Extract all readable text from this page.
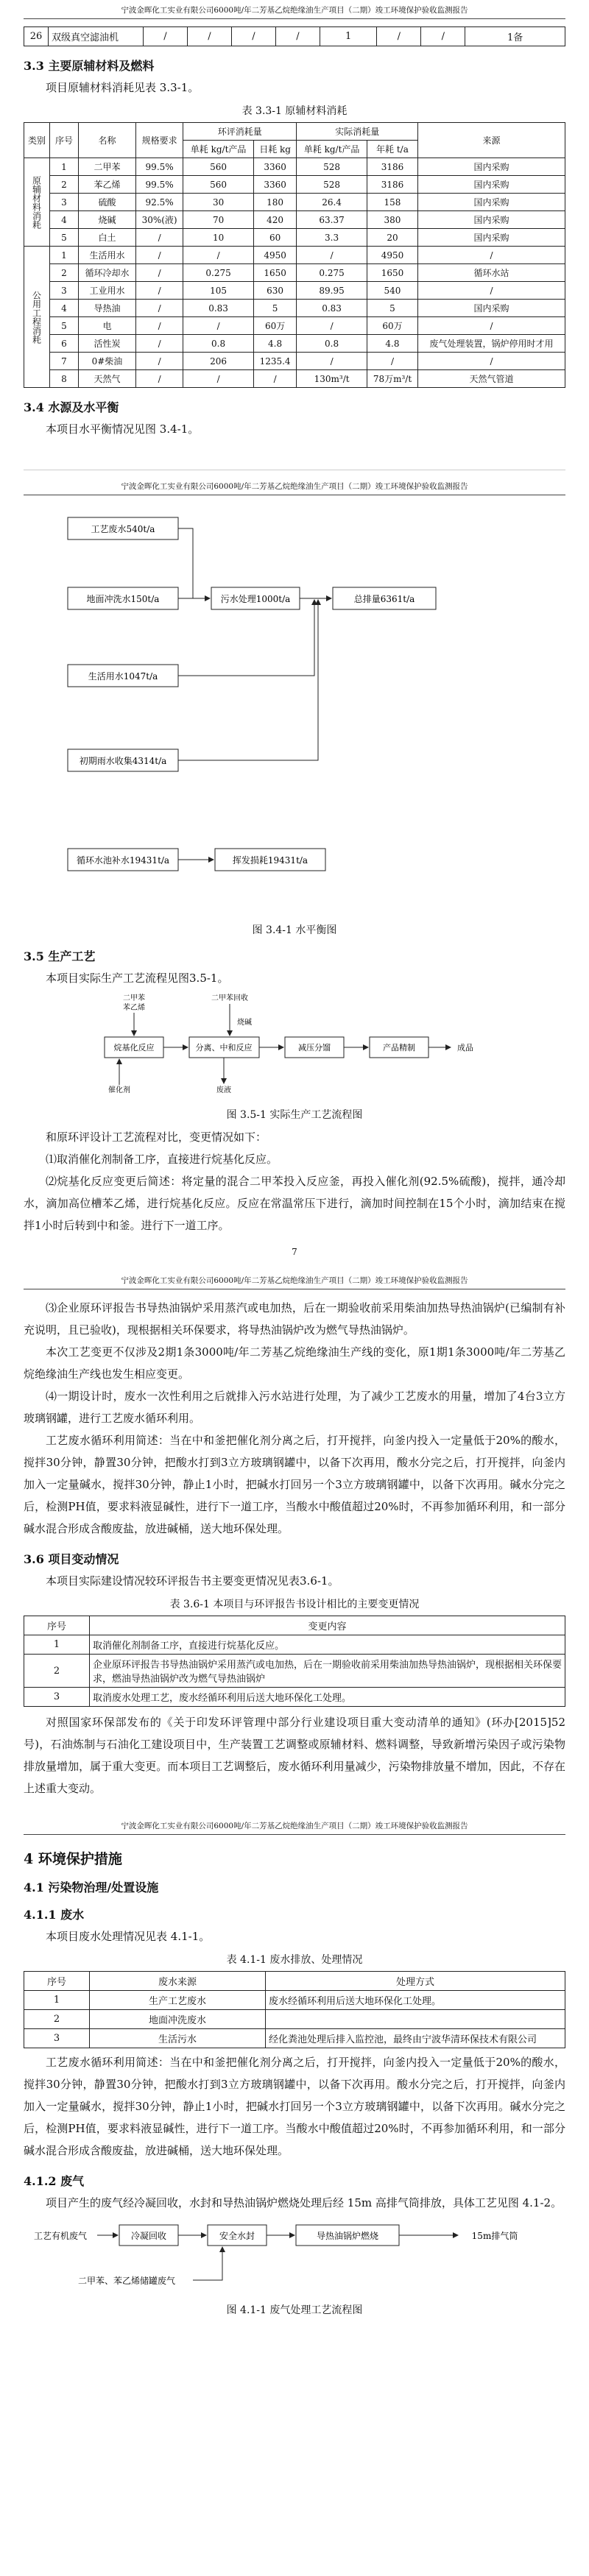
宁波金晖化工实业有限公司6000吨/年二芳基乙烷绝缘油生产项目（二期）竣工环境保护验收监测报告
26	双级真空滤油机	/	/	/	/	1	/	/	1备
3.3 主要原辅材料及燃料

项目原辅材料消耗见表 3.3-1。

表 3.3-1 原辅材料消耗
类别	序号	名称	规格要求	环评消耗量		实际消耗量		来源
				单耗 kg/t产品	日耗 kg	单耗 kg/t产品	年耗 t/a	
原辅材料消耗	1	二甲苯	99.5%	560	3360	528	3186	国内采购
	2	苯乙烯	99.5%	560	3360	528	3186	国内采购
	3	硫酸	92.5%	30	180	26.4	158	国内采购
	4	烧碱	30%(液)	70	420	63.37	380	国内采购
	5	白土	/	10	60	3.3	20	国内采购
公用工程消耗	1	生活用水	/	/	4950	/	4950	/
	2	循环冷却水	/	0.275	1650	0.275	1650	循环水站
	3	工业用水	/	105	630	89.95	540	/
	4	导热油	/	0.83	5	0.83	5	国内采购
	5	电	/	/	60万	/	60万	/
	6	活性炭	/	0.8	4.8	0.8	4.8	废气处理装置，锅炉停用时才用
	7	0#柴油	/	206	1235.4	/	/	/
	8	天然气	/	/	/	130m³/t	78万m³/t	天然气管道
3.4 水源及水平衡

本项目水平衡情况见图 3.4-1。

宁波金晖化工实业有限公司6000吨/年二芳基乙烷绝缘油生产项目（二期）竣工环境保护验收监测报告
工艺废水540t/a
地面冲洗水150t/a	污水处理1000t/a	总排量6361t/a
生活用水1047t/a
初期雨水收集4314t/a
循环水池补水19431t/a	挥发损耗19431t/a
图 3.4-1 水平衡图
3.5 生产工艺

本项目实际生产工艺流程见图3.5-1。

二甲苯
苯乙烯
二甲苯回收
烧碱
催化剂
烷基化反应	分离、中和反应	减压分馏	产品精制	成品
废液
图 3.5-1 实际生产工艺流程图

和原环评设计工艺流程对比，变更情况如下：

⑴取消催化剂制备工序，直接进行烷基化反应。

⑵烷基化反应变更后简述：将定量的混合二甲苯投入反应釜，再投入催化剂(92.5%硫酸)，搅拌，通冷却水，滴加高位槽苯乙烯，进行烷基化反应。反应在常温常压下进行，滴加时间控制在15个小时，滴加结束在搅拌1小时后转到中和釜。进行下一道工序。

7
宁波金晖化工实业有限公司6000吨/年二芳基乙烷绝缘油生产项目（二期）竣工环境保护验收监测报告

⑶企业原环评报告书导热油锅炉采用蒸汽或电加热，后在一期验收前采用柴油加热导热油锅炉(已编制有补充说明，且已验收)，现根据相关环保要求，将导热油锅炉改为燃气导热油锅炉。

本次工艺变更不仅涉及2期1条3000吨/年二芳基乙烷绝缘油生产线的变化，原1期1条3000吨/年二芳基乙烷绝缘油生产线也发生相应变更。

⑷一期设计时，废水一次性利用之后就排入污水站进行处理，为了减少工艺废水的用量，增加了4台3立方玻璃钢罐，进行工艺废水循环利用。

工艺废水循环利用简述：当在中和釜把催化剂分离之后，打开搅拌，向釜内投入一定量低于20%的酸水，搅拌30分钟，静置30分钟，把酸水打到3立方玻璃钢罐中，以备下次再用，酸水分完之后，打开搅拌，向釜内加入一定量碱水，搅拌30分钟，静止1小时，把碱水打回另一个3立方玻璃钢罐中，以备下次再用。碱水分完之后，检测PH值，要求料液显碱性，进行下一道工序，当酸水中酸值超过20%时，不再参加循环利用，和一部分碱水混合形成含酸废盐，放进碱桶，送大地环保处理。

3.6 项目变动情况

本项目实际建设情况较环评报告书主要变更情况见表3.6-1。

表 3.6-1 本项目与环评报告书设计相比的主要变更情况
序号	变更内容
1	取消催化剂制备工序，直接进行烷基化反应。
2	企业原环评报告书导热油锅炉采用蒸汽或电加热，后在一期验收前采用柴油加热导热油锅炉，现根据相关环保要求，燃油导热油锅炉改为燃气导热油锅炉
3	取消废水处理工艺，废水经循环利用后送大地环保化工处理。

对照国家环保部发布的《关于印发环评管理中部分行业建设项目重大变动清单的通知》(环办[2015]52号)，石油炼制与石油化工建设项目中，生产装置工艺调整或原辅材料、燃料调整，导致新增污染因子或污染物排放量增加，属于重大变更。而本项目工艺调整后，废水循环利用量减少，污染物排放量不增加，因此，不存在上述重大变动。

宁波金晖化工实业有限公司6000吨/年二芳基乙烷绝缘油生产项目（二期）竣工环境保护验收监测报告
4 环境保护措施
4.1 污染物治理/处置设施
4.1.1 废水

本项目废水处理情况见表 4.1-1。

表 4.1-1 废水排放、处理情况
序号	废水来源	处理方式
1	生产工艺废水	废水经循环利用后送大地环保化工处理。
2	地面冲洗废水	
3	生活污水	经化粪池处理后排入监控池，最终由宁波华清环保技术有限公司

工艺废水循环利用简述：当在中和釜把催化剂分离之后，打开搅拌，向釜内投入一定量低于20%的酸水，搅拌30分钟，静置30分钟，把酸水打到3立方玻璃钢罐中，以备下次再用。酸水分完之后，打开搅拌，向釜内加入一定量碱水，搅拌30分钟，静止1小时，把碱水打回另一个3立方玻璃钢罐中，以备下次再用。碱水分完之后，检测PH值，要求料液显碱性，进行下一道工序。当酸水中酸值超过20%时，不再参加循环利用，和一部分碱水混合形成含酸废盐，放进碱桶，送大地环保处理。

4.1.2 废气

项目产生的废气经冷凝回收，水封和导热油锅炉燃烧处理后经 15m 高排气筒排放，具体工艺见图 4.1-2。

工艺有机废气	冷凝回收	安全水封	导热油锅炉燃烧	15m排气筒
二甲苯、苯乙烯储罐废气
图 4.1-1 废气处理工艺流程图
